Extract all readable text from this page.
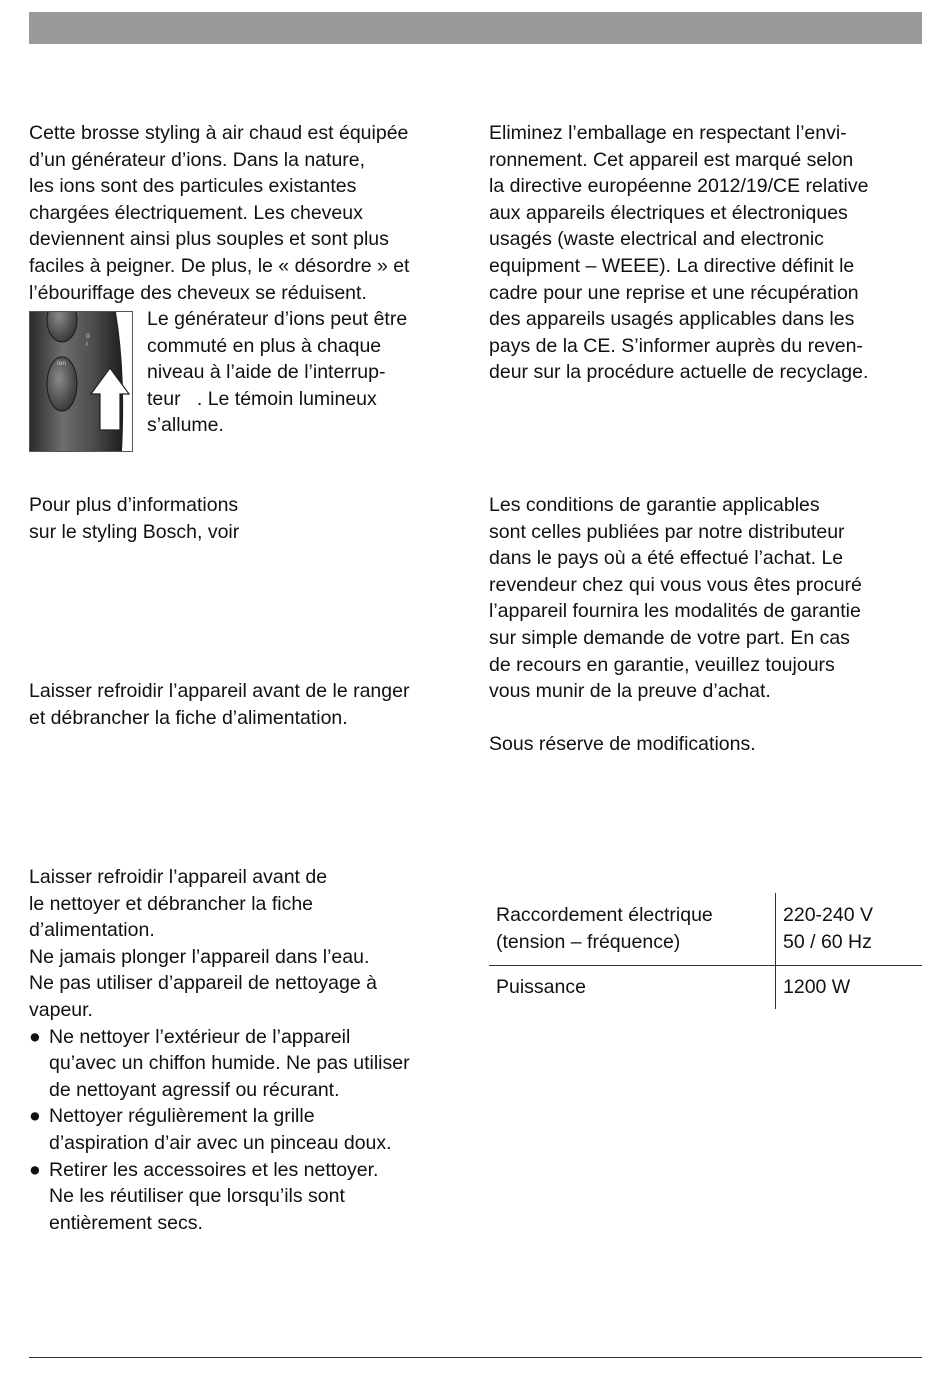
Cette brosse styling à air chaud est équipée
d’un générateur d’ions. Dans la nature,
les ions sont des particules existantes
chargées électriquement. Les cheveux
deviennent ainsi plus souples et sont plus
faciles à peigner. De plus, le « désordre » et
l’ébouriffage des cheveux se réduisent.
I
0
ion
Le générateur d’ions peut être
commuté en plus à chaque
niveau à l’aide de l’interrup-
teur   . Le témoin lumineux
s’allume.
Pour plus d’informations
sur le styling Bosch, voir
Laisser refroidir l’appareil avant de le ranger
et débrancher la fiche d’alimentation.
Laisser refroidir l’appareil avant de
le nettoyer et débrancher la fiche
d’alimentation.
Ne jamais plonger l’appareil dans l’eau.
Ne pas utiliser d’appareil de nettoyage à
vapeur.
● Ne nettoyer l’extérieur de l’appareil
qu’avec un chiffon humide. Ne pas utiliser
de nettoyant agressif ou récurant.
● Nettoyer régulièrement la grille
d’aspiration d’air avec un pinceau doux.
● Retirer les accessoires et les nettoyer.
Ne les réutiliser que lorsqu’ils sont
entièrement secs.
Eliminez l’emballage en respectant l’envi-
ronnement. Cet appareil est marqué selon
la directive européenne 2012/19/CE relative
aux appareils électriques et électroniques
usagés (waste electrical and electronic
equipment – WEEE). La directive définit le
cadre pour une reprise et une récupération
des appareils usagés applicables dans les
pays de la CE. S’informer auprès du reven-
deur sur la procédure actuelle de recyclage.
Les conditions de garantie applicables
sont celles publiées par notre distributeur
dans le pays où a été effectué l’achat. Le
revendeur chez qui vous vous êtes procuré
l’appareil fournira les modalités de garantie
sur simple demande de votre part. En cas
de recours en garantie, veuillez toujours
vous munir de la preuve d’achat.
Sous réserve de modifications.
Raccordement électrique
(tension – fréquence)
220-240 V
50 / 60 Hz
Puissance	1200 W
